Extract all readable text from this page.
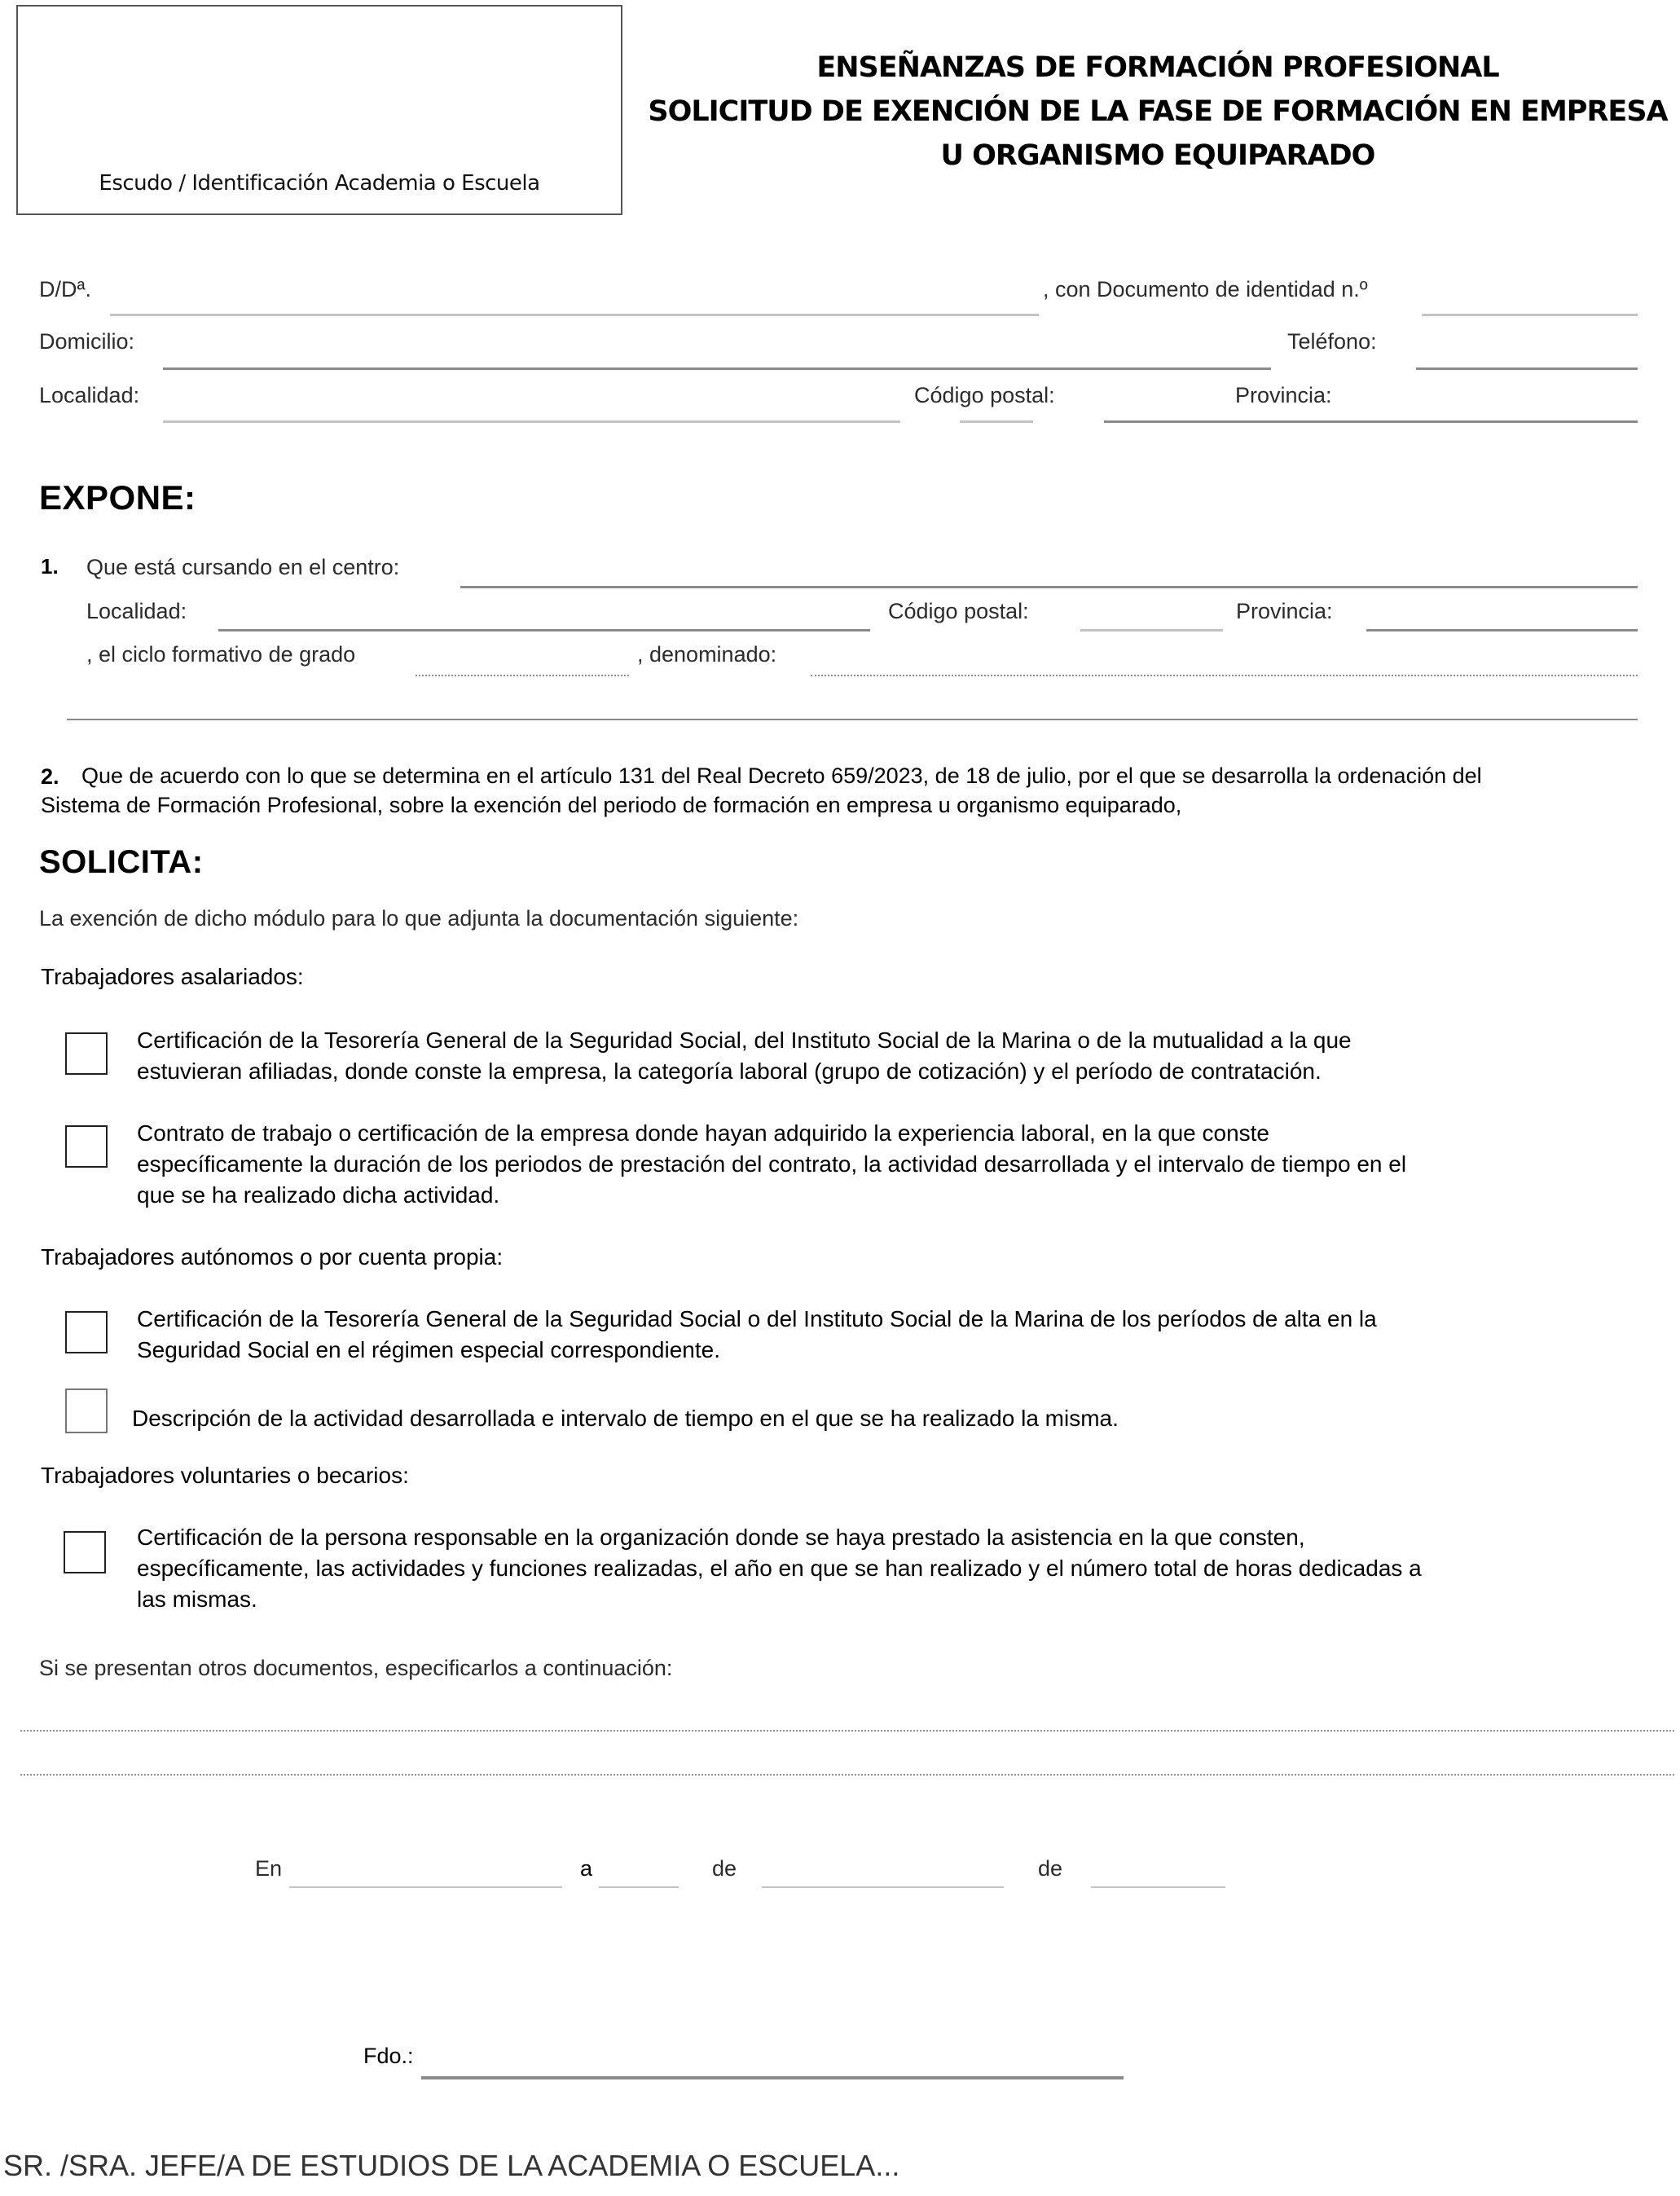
Escudo / Identificación Academia o Escuela
ENSEÑANZAS DE FORMACIÓN PROFESIONAL
SOLICITUD DE EXENCIÓN DE LA FASE DE FORMACIÓN EN EMPRESA
U ORGANISMO EQUIPARADO
D/Dª.	, con Documento de identidad n.º
Domicilio:	Teléfono:
Localidad:	Código postal:	Provincia:
EXPONE:
1. Que está cursando en el centro:
Localidad:	Código postal:	Provincia:
, el ciclo formativo de grado	, denominado:
2. Que de acuerdo con lo que se determina en el artículo 131 del Real Decreto 659/2023, de 18 de julio, por el que se desarrolla la ordenación del
Sistema de Formación Profesional, sobre la exención del periodo de formación en empresa u organismo equiparado,
SOLICITA:
La exención de dicho módulo para lo que adjunta la documentación siguiente:
Trabajadores asalariados:
Certificación de la Tesorería General de la Seguridad Social, del Instituto Social de la Marina o de la mutualidad a la que
estuvieran afiliadas, donde conste la empresa, la categoría laboral (grupo de cotización) y el período de contratación.
Contrato de trabajo o certificación de la empresa donde hayan adquirido la experiencia laboral, en la que conste
específicamente la duración de los periodos de prestación del contrato, la actividad desarrollada y el intervalo de tiempo en el
que se ha realizado dicha actividad.
Trabajadores autónomos o por cuenta propia:
Certificación de la Tesorería General de la Seguridad Social o del Instituto Social de la Marina de los períodos de alta en la
Seguridad Social en el régimen especial correspondiente.
Descripción de la actividad desarrollada e intervalo de tiempo en el que se ha realizado la misma.
Trabajadores voluntaries o becarios:
Certificación de la persona responsable en la organización donde se haya prestado la asistencia en la que consten,
específicamente, las actividades y funciones realizadas, el año en que se han realizado y el número total de horas dedicadas a
las mismas.
Si se presentan otros documentos, especificarlos a continuación:
En	a	de	de
Fdo.:
SR. /SRA. JEFE/A DE ESTUDIOS DE LA ACADEMIA O ESCUELA...
